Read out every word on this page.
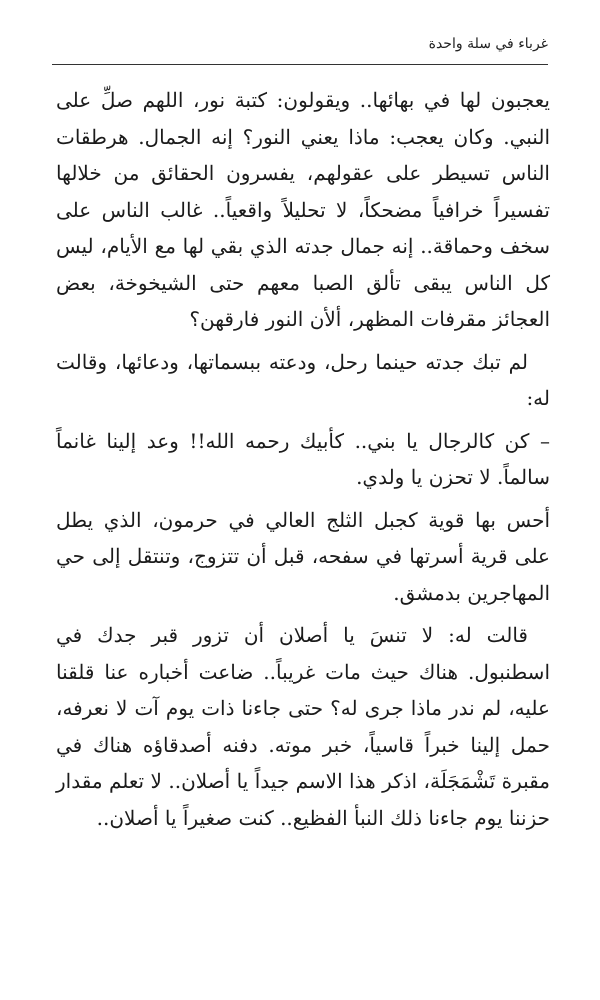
غرباء في سلة واحدة

يعجبون لها في بهائها.. ويقولون: كتبة نور، اللهم صلِّ على النبي. وكان يعجب: ماذا يعني النور؟ إنه الجمال. هرطقات الناس تسيطر على عقولهم، يفسرون الحقائق من خلالها تفسيراً خرافياً مضحكاً، لا تحليلاً واقعياً.. غالب الناس على سخف وحماقة.. إنه جمال جدته الذي بقي لها مع الأيام، ليس كل الناس يبقى تألق الصبا معهم حتى الشيخوخة، بعض العجائز مقرفات المظهر، ألأن النور فارقهن؟

لم تبك جدته حينما رحل، ودعته ببسماتها، ودعائها، وقالت له:

– كن كالرجال يا بني.. كأبيك رحمه الله!! وعد إلينا غانماً سالماً. لا تحزن يا ولدي.

أحس بها قوية كجبل الثلج العالي في حرمون، الذي يطل على قرية أسرتها في سفحه، قبل أن تتزوج، وتنتقل إلى حي المهاجرين بدمشق.

قالت له: لا تنسَ يا أصلان أن تزور قبر جدك في اسطنبول. هناك حيث مات غريباً.. ضاعت أخباره عنا قلقنا عليه، لم ندر ماذا جرى له؟ حتى جاءنا ذات يوم آت لا نعرفه، حمل إلينا خبراً قاسياً، خبر موته. دفنه أصدقاؤه هناك في مقبرة تَشْمَجَلَة، اذكر هذا الاسم جيداً يا أصلان.. لا تعلم مقدار حزننا يوم جاءنا ذلك النبأ الفظيع.. كنت صغيراً يا أصلان..
